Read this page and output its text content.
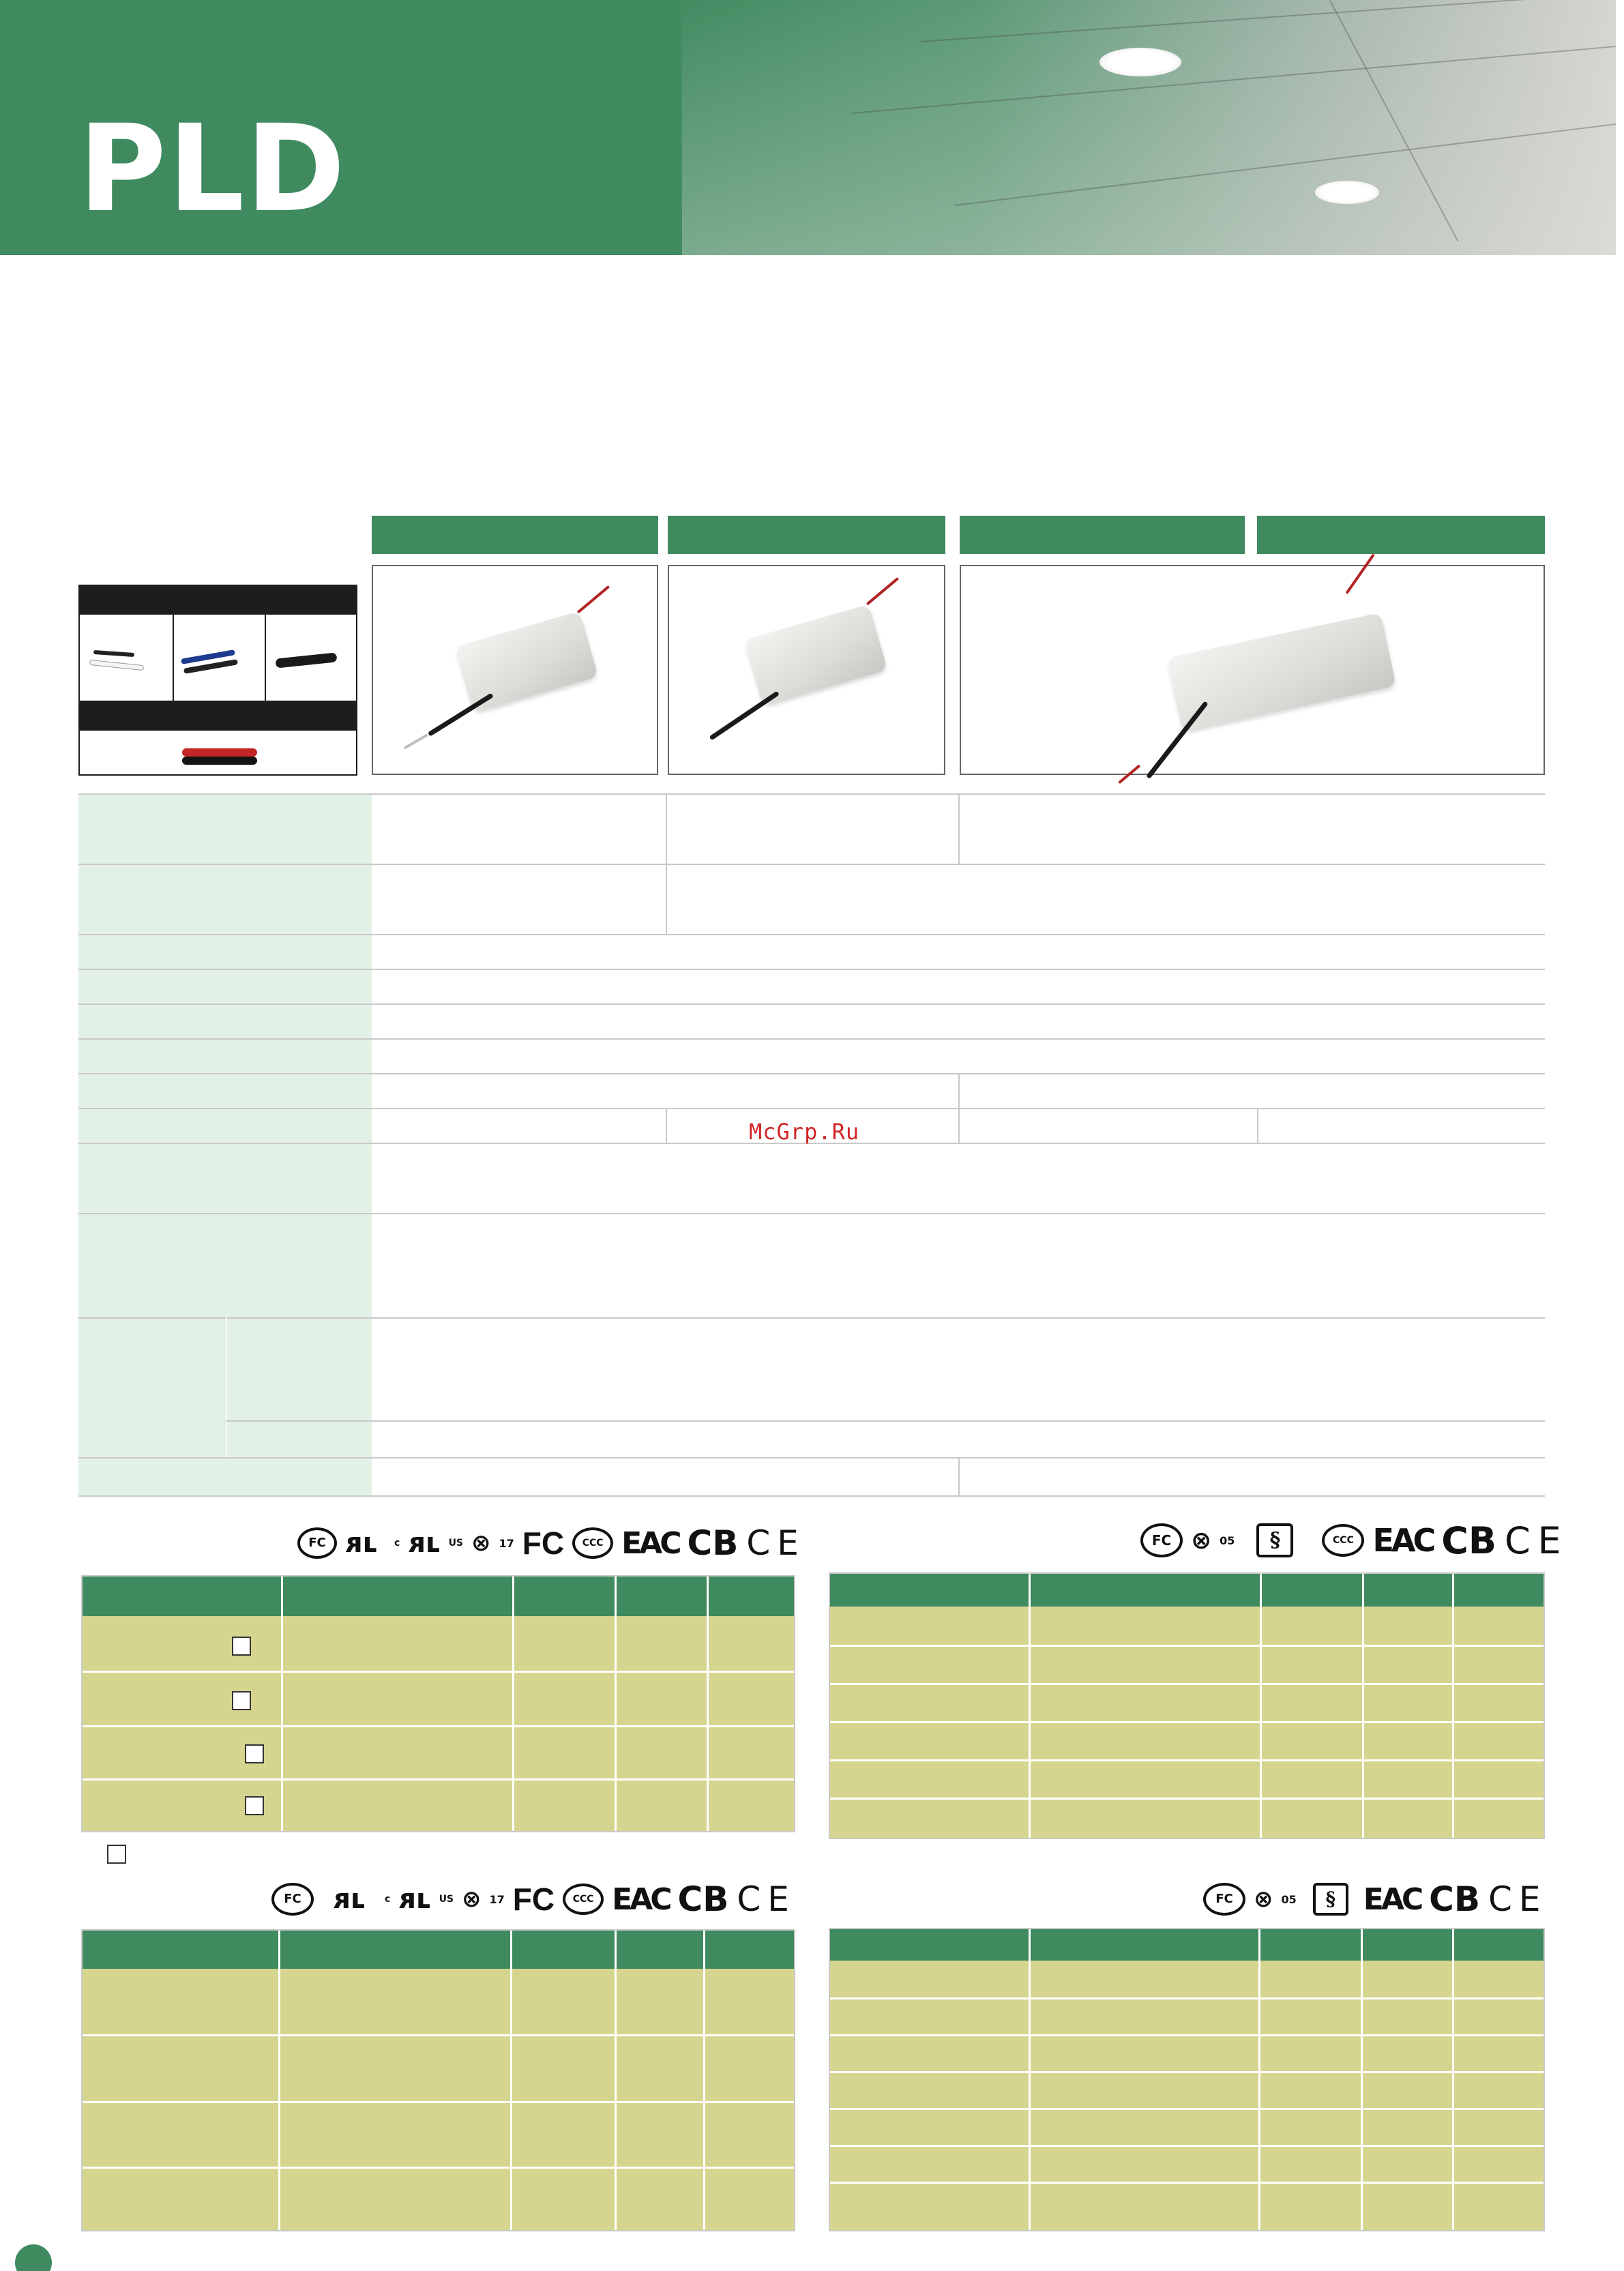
PLD
McGrp.Ru
FC ᴙʟ	c ᴙʟ US ⊗ 17 FC	CCC EAC CB C E	FC ⊗ 05	§	CCC EAC CB C E
FC	ᴙʟ	c ᴙʟ US ⊗ 17 FC	CCC EAC CB C E	FC ⊗ 05	§ EAC CB C E
